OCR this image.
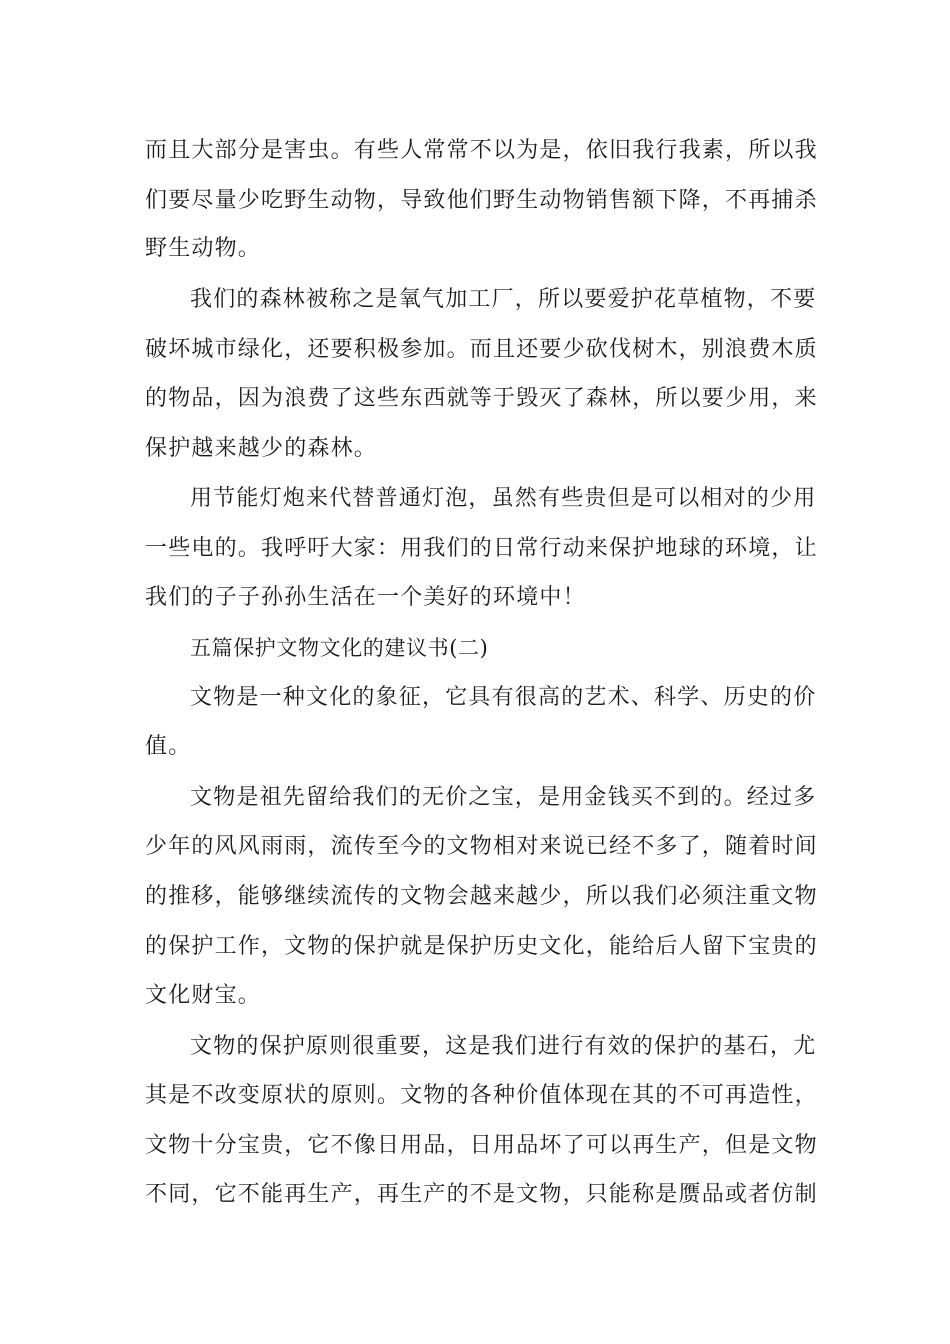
而且大部分是害虫。有些人常常不以为是，依旧我行我素，所以我
们要尽量少吃野生动物，导致他们野生动物销售额下降，不再捕杀
野生动物。
我们的森林被称之是氧气加工厂，所以要爱护花草植物，不要
破坏城市绿化，还要积极参加。而且还要少砍伐树木，别浪费木质
的物品，因为浪费了这些东西就等于毁灭了森林，所以要少用，来
保护越来越少的森林。
用节能灯炮来代替普通灯泡，虽然有些贵但是可以相对的少用
一些电的。我呼吁大家：用我们的日常行动来保护地球的环境，让
我们的子子孙孙生活在一个美好的环境中！
五篇保护文物文化的建议书(二)
文物是一种文化的象征，它具有很高的艺术、科学、历史的价
值。
文物是祖先留给我们的无价之宝，是用金钱买不到的。经过多
少年的风风雨雨，流传至今的文物相对来说已经不多了，随着时间
的推移，能够继续流传的文物会越来越少，所以我们必须注重文物
的保护工作，文物的保护就是保护历史文化，能给后人留下宝贵的
文化财宝。
文物的保护原则很重要，这是我们进行有效的保护的基石，尤
其是不改变原状的原则。文物的各种价值体现在其的不可再造性，
文物十分宝贵，它不像日用品，日用品坏了可以再生产，但是文物
不同，它不能再生产，再生产的不是文物，只能称是赝品或者仿制
